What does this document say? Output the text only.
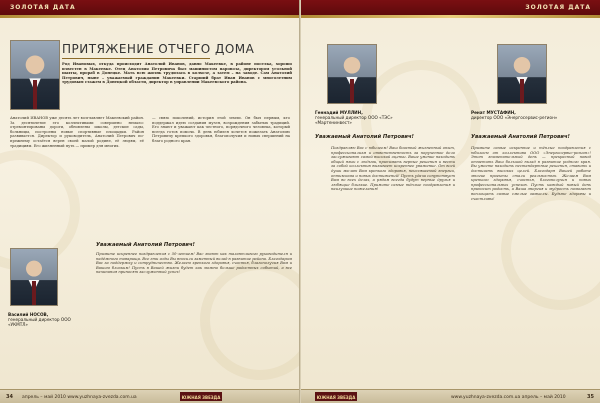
ЗОЛОТАЯ ДАТА
ПРИТЯЖЕНИЕ ОТЧЕГО ДОМА
Род Ивановых, откуда происходит Анатолий Иванов, давно Макеевке, в районе поселка, хорошо известен в Макеевке. Отец Анатолия Петровича был машинистом паровоза, директором угольной шахты, прораб в Донецке. Мать всю жизнь трудилась в колхозе, а затем – на заводе. Сам Анатолий Петрович, ныне – уважаемый гражданин Макеевки. Старший брат Иван Иванов с многолетним трудовым стажем в Донецкой области, директор в управлении Макеевского района.
Анатолий ИВАНОВ уже десять лет возглавляет Макеевский район. За десятилетие его коллективами совершено немало: отремонтированы дороги, обновлены школы, детские сады, больницы, построены новые спортивные площадки. Район развивается. Директор и руководитель, Анатолий Петрович по-прежнему остаётся верен своей малой родине, её людям, её традициям. Его жизненный путь — пример для многих.
— связь поколений, история этой земли. Он был первым, кто поддержал идею создания музея, возрождения забытых традиций. Его знают и уважают как честного, порядочного человека, который всегда готов помочь. В день юбилея хочется пожелать Анатолию Петровичу крепкого здоровья, благополучия и новых свершений на благо родного края.
Уважаемый Анатолий Петрович!
Примите искреннее поздравления с 50-летием! Вас знают как талантливого руководителя и надёжного товарища. Все эти годы Вы вносили заметный вклад в развитие района. Благодарим Вас за поддержку и сотрудничество. Желаем крепкого здоровья, счастья, благополучия Вам и Вашим близким! Пусть в Вашей жизни будет как можно больше радостных событий, а все начинания приносят заслуженный успех!
Василий НОСОВ,
генеральный директор ООО «УКМТЛ»
34 апрель – май 2010 www.yuzhnaya-zvezda.com.ua	ЮЖНАЯ ЗВЕЗДА
ЗОЛОТАЯ ДАТА
Геннадий МУЛЛИН,
генеральный директор ООО «ТЭС» «Мартенинвест»
Ренат МУСТАФИН,
директор ООО «Энергосервис-регион»
Уважаемый Анатолий Петрович!
Поздравляю Вас с юбилеем! Ваш богатый жизненный опыт, профессионализм и ответственность за порученное дело заслуживают самой высокой оценки. Ваше умение находить общий язык с людьми, принимать верные решения и вести за собой коллектив вызывает искреннее уважение. От всей души желаю Вам крепкого здоровья, неиссякаемой энергии, оптимизма и новых достижений! Пусть удача сопутствует Вам во всех делах, а рядом всегда будут верные друзья и любящие близкие. Примите самые тёплые поздравления и наилучшие пожелания!
Уважаемый Анатолий Петрович!
Примите самые искренние и тёплые поздравления с юбилеем от коллектива ООО «Энергосервис-регион»! Этот знаменательный день — прекрасный повод отметить Ваш большой вклад в развитие родного края. Вы умеете находить нестандартные решения, ставить и достигать высоких целей. Благодаря Вашей работе многие проекты стали реальностью. Желаем Вам крепкого здоровья, счастья, благополучия и новых профессиональных успехов. Пусть каждый новый день приносит радость, а Ваша энергия и мудрость помогают воплощать самые смелые замыслы. Будьте здоровы и счастливы!
ЮЖНАЯ ЗВЕЗДА	www.yuzhnaya-zvezda.com.ua апрель – май 2010	35
